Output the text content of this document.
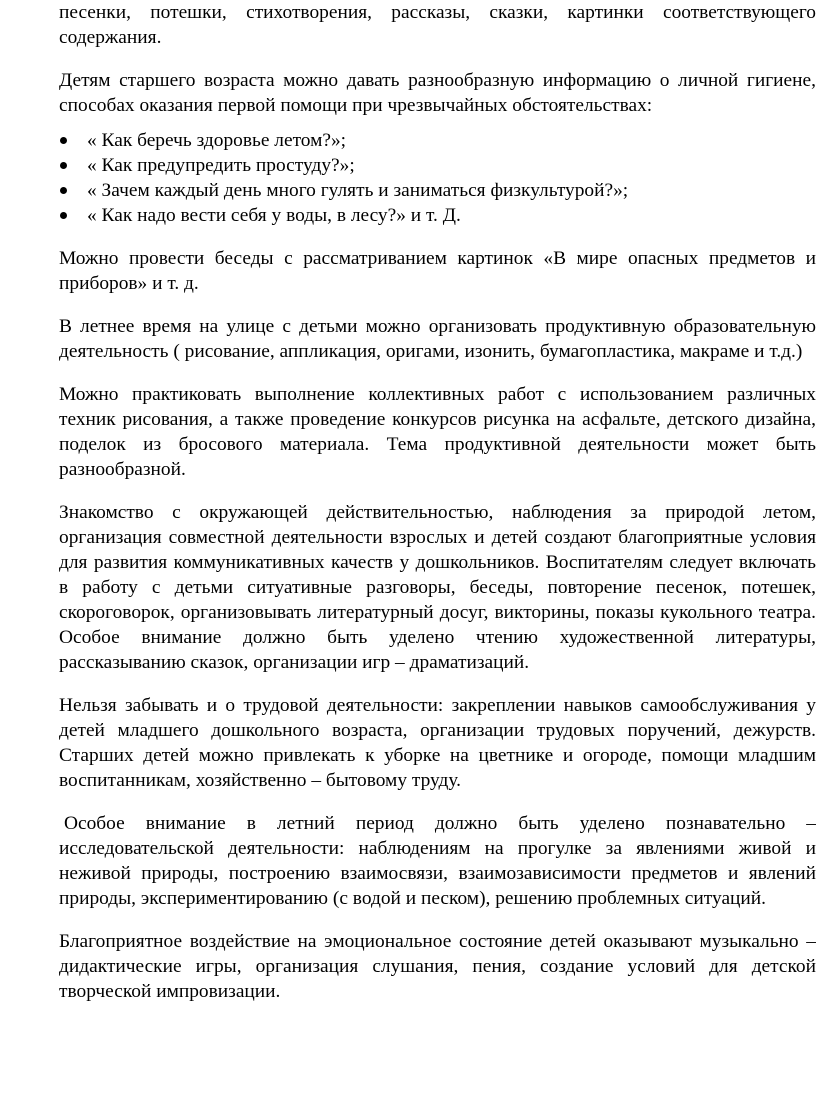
песенки, потешки, стихотворения, рассказы, сказки, картинки соответствующего содержания.

Детям старшего возраста можно давать разнообразную информацию о личной гигиене, способах оказания первой помощи при чрезвычайных обстоятельствах:

« Как беречь здоровье летом?»;
« Как предупредить простуду?»;
« Зачем каждый день много гулять и заниматься физкультурой?»;
« Как надо вести себя у воды, в лесу?» и т. Д.

Можно провести беседы с рассматриванием картинок «В мире опасных предметов и приборов» и т. д.

В летнее время на улице с детьми можно организовать продуктивную образовательную деятельность ( рисование, аппликация, оригами, изонить, бумагопластика, макраме и т.д.)

Можно практиковать выполнение коллективных работ с использованием различных техник рисования, а также проведение конкурсов рисунка на асфальте, детского дизайна, поделок из бросового материала. Тема продуктивной деятельности может быть разнообразной.

Знакомство с окружающей действительностью, наблюдения за природой летом, организация совместной деятельности взрослых и детей создают благоприятные условия для развития коммуникативных качеств у дошкольников. Воспитателям следует включать в работу с детьми ситуативные разговоры, беседы, повторение песенок, потешек, скороговорок, организовывать литературный досуг, викторины, показы кукольного театра. Особое внимание должно быть уделено чтению художественной литературы, рассказыванию сказок, организации игр – драматизаций.

Нельзя забывать и о трудовой деятельности: закреплении навыков самообслуживания у детей младшего дошкольного возраста, организации трудовых поручений, дежурств. Старших детей можно привлекать к уборке на цветнике и огороде, помощи младшим воспитанникам, хозяйственно – бытовому труду.

Особое внимание в летний период должно быть уделено познавательно – исследовательской деятельности: наблюдениям на прогулке за явлениями живой и неживой природы, построению взаимосвязи, взаимозависимости предметов и явлений природы, экспериментированию (с водой и песком), решению проблемных ситуаций.

Благоприятное воздействие на эмоциональное состояние детей оказывают музыкально – дидактические игры, организация слушания, пения, создание условий для детской творческой импровизации.
